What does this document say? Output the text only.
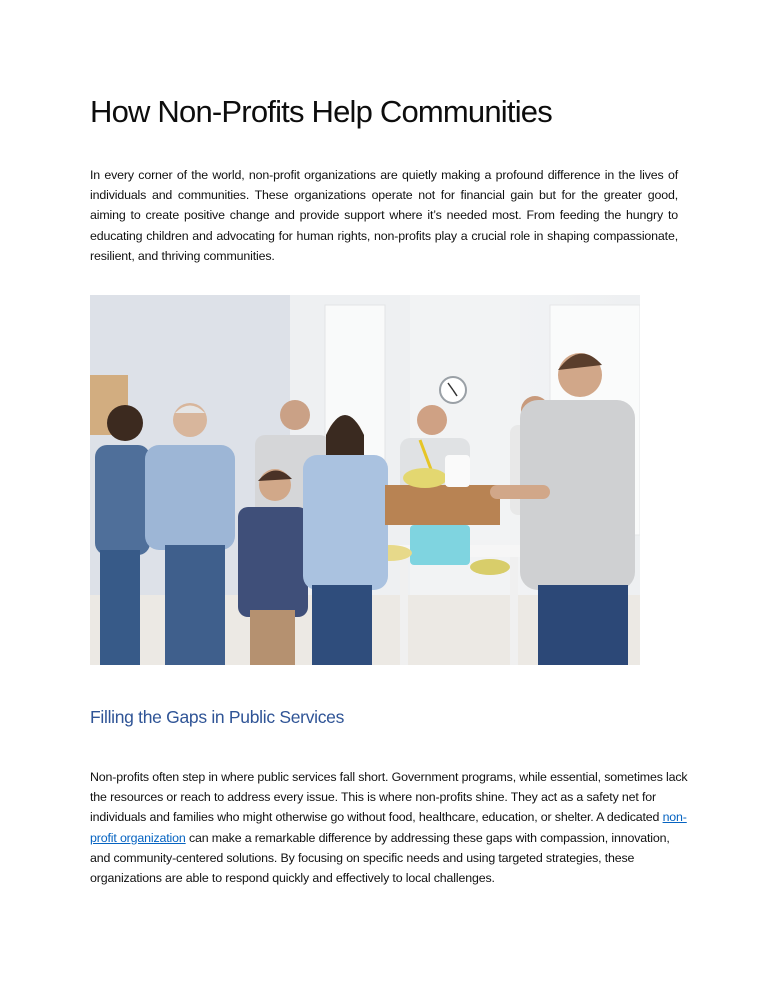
How Non-Profits Help Communities

In every corner of the world, non-profit organizations are quietly making a profound difference in the lives of individuals and communities. These organizations operate not for financial gain but for the greater good, aiming to create positive change and provide support where it’s needed most. From feeding the hungry to educating children and advocating for human rights, non-profits play a crucial role in shaping compassionate, resilient, and thriving communities.

Filling the Gaps in Public Services

Non-profits often step in where public services fall short. Government programs, while essential, sometimes lack the resources or reach to address every issue. This is where non-profits shine. They act as a safety net for individuals and families who might otherwise go without food, healthcare, education, or shelter. A dedicated non-profit organization can make a remarkable difference by addressing these gaps with compassion, innovation, and community-centered solutions. By focusing on specific needs and using targeted strategies, these organizations are able to respond quickly and effectively to local challenges.
